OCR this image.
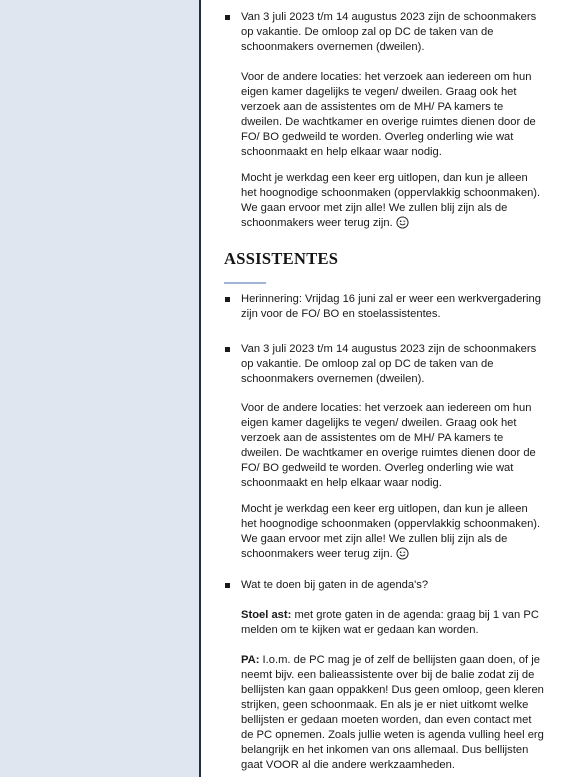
Van 3 juli 2023 t/m 14 augustus 2023 zijn de schoonmakers
op vakantie. De omloop zal op DC de taken van de
schoonmakers overnemen (dweilen).
Voor de andere locaties: het verzoek aan iedereen om hun
eigen kamer dagelijks te vegen/ dweilen. Graag ook het
verzoek aan de assistentes om de MH/ PA kamers te
dweilen. De wachtkamer en overige ruimtes dienen door de
FO/ BO gedweild te worden. Overleg onderling wie wat
schoonmaakt en help elkaar waar nodig.
Mocht je werkdag een keer erg uitlopen, dan kun je alleen
het hoognodige schoonmaken (oppervlakkig schoonmaken).
We gaan ervoor met zijn alle! We zullen blij zijn als de
schoonmakers weer terug zijn.
ASSISTENTES
Herinnering: Vrijdag 16 juni zal er weer een werkvergadering
zijn voor de FO/ BO en stoelassistentes.
Van 3 juli 2023 t/m 14 augustus 2023 zijn de schoonmakers
op vakantie. De omloop zal op DC de taken van de
schoonmakers overnemen (dweilen).
Voor de andere locaties: het verzoek aan iedereen om hun
eigen kamer dagelijks te vegen/ dweilen. Graag ook het
verzoek aan de assistentes om de MH/ PA kamers te
dweilen. De wachtkamer en overige ruimtes dienen door de
FO/ BO gedweild te worden. Overleg onderling wie wat
schoonmaakt en help elkaar waar nodig.
Mocht je werkdag een keer erg uitlopen, dan kun je alleen
het hoognodige schoonmaken (oppervlakkig schoonmaken).
We gaan ervoor met zijn alle! We zullen blij zijn als de
schoonmakers weer terug zijn.
Wat te doen bij gaten in de agenda's?
Stoel ast: met grote gaten in de agenda: graag bij 1 van PC
melden om te kijken wat er gedaan kan worden.
PA: I.o.m. de PC mag je of zelf de bellijsten gaan doen, of je
neemt bijv. een balieassistente over bij de balie zodat zij de
bellijsten kan gaan oppakken! Dus geen omloop, geen kleren
strijken, geen schoonmaak. En als je er niet uitkomt welke
bellijsten er gedaan moeten worden, dan even contact met
de PC opnemen. Zoals jullie weten is agenda vulling heel erg
belangrijk en het inkomen van ons allemaal. Dus bellijsten
gaat VOOR al die andere werkzaamheden.
